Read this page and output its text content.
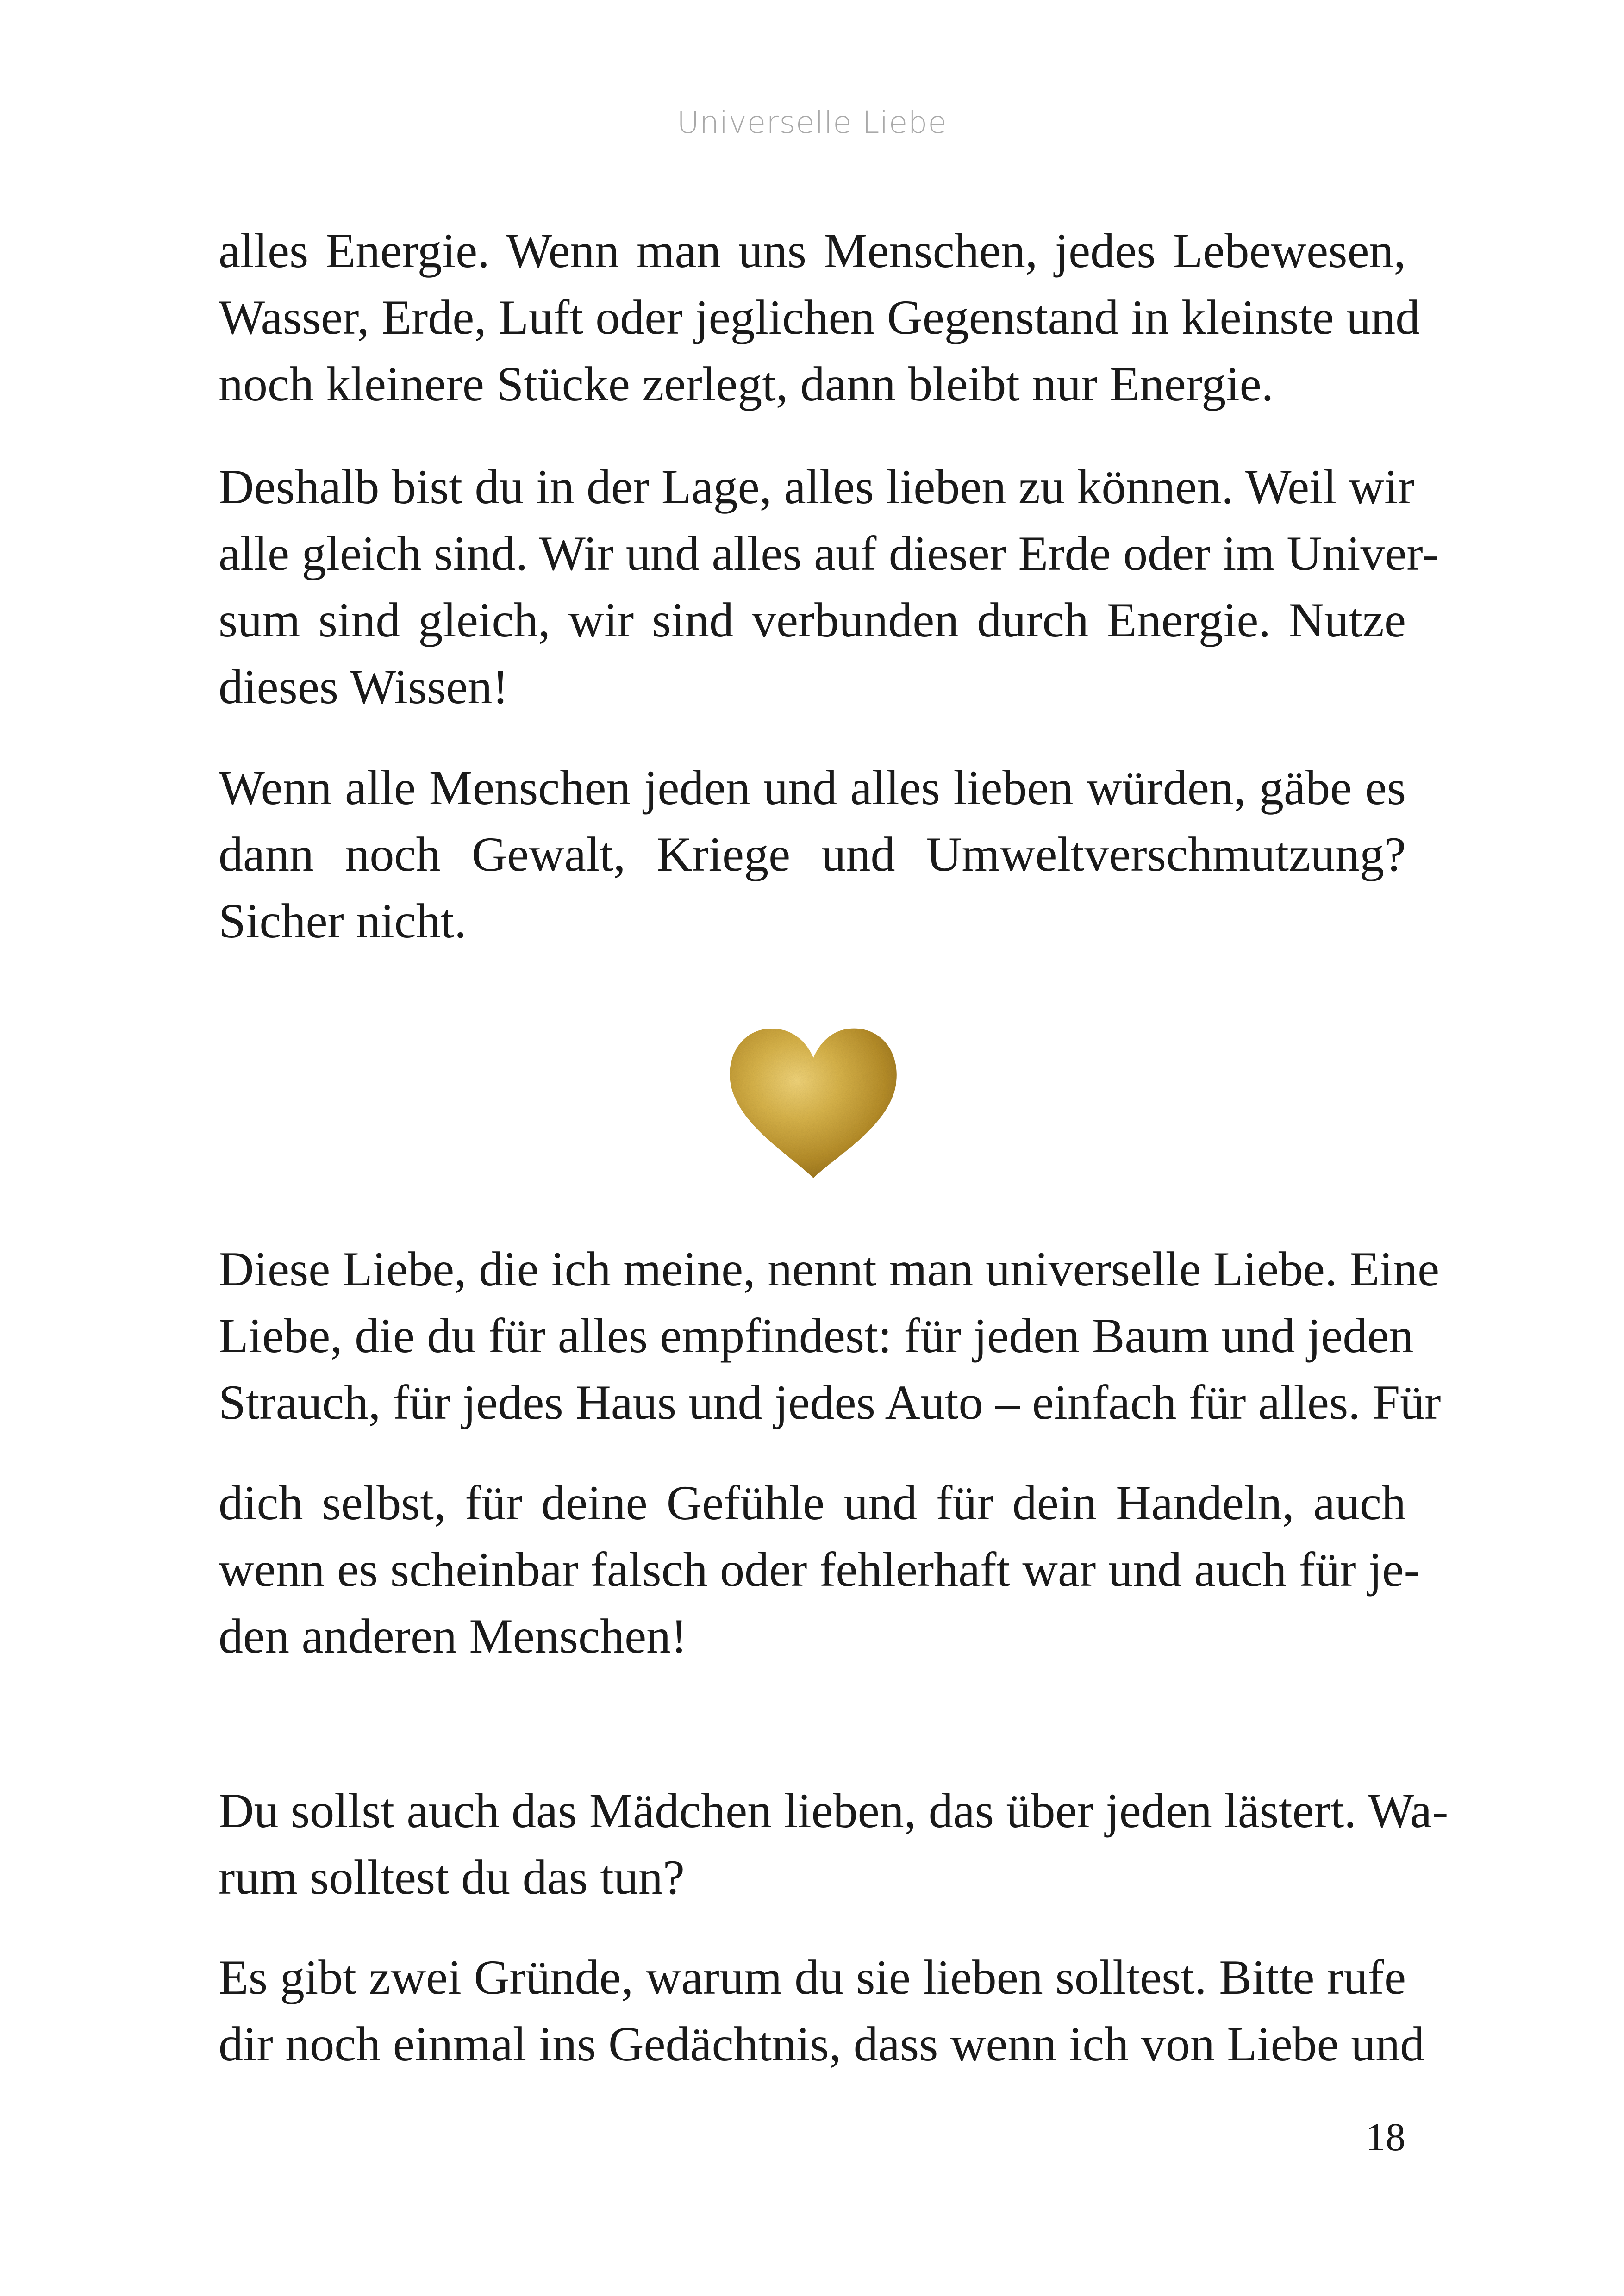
Universelle Liebe
alles Energie. Wenn man uns Menschen, jedes Lebewesen,
Wasser, Erde, Luft oder jeglichen Gegenstand in kleinste und
noch kleinere Stücke zerlegt, dann bleibt nur Energie.
Deshalb bist du in der Lage, alles lieben zu können. Weil wir
alle gleich sind. Wir und alles auf dieser Erde oder im Univer-
sum sind gleich, wir sind verbunden durch Energie. Nutze
dieses Wissen!
Wenn alle Menschen jeden und alles lieben würden, gäbe es
dann noch Gewalt, Kriege und Umweltverschmutzung?
Sicher nicht.
Diese Liebe, die ich meine, nennt man universelle Liebe. Eine
Liebe, die du für alles empfindest: für jeden Baum und jeden
Strauch, für jedes Haus und jedes Auto – einfach für alles. Für
dich selbst, für deine Gefühle und für dein Handeln, auch
wenn es scheinbar falsch oder fehlerhaft war und auch für je-
den anderen Menschen!
Du sollst auch das Mädchen lieben, das über jeden lästert. Wa-
rum solltest du das tun?
Es gibt zwei Gründe, warum du sie lieben solltest. Bitte rufe
dir noch einmal ins Gedächtnis, dass wenn ich von Liebe und
18
